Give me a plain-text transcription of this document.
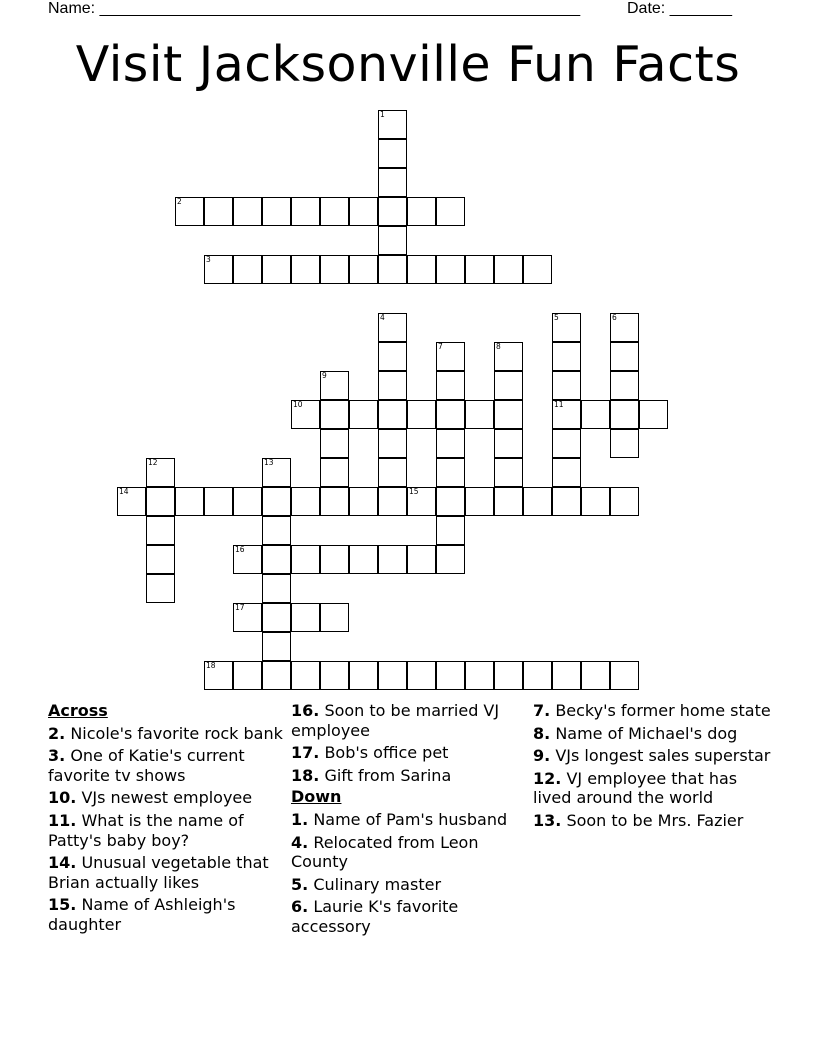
Name: ______________________________________________________	Date: _______
Visit Jacksonville Fun Facts
1
2
3
4	5
11
6
7	8
9
10
12	13
14	15
16
17
18
Across
2. Nicole's favorite rock bank
3. One of Katie's current favorite tv shows
10. VJs newest employee
11. What is the name of Patty's baby boy?
14. Unusual vegetable that Brian actually likes
15. Name of Ashleigh's daughter
16. Soon to be married VJ employee
17. Bob's office pet
18. Gift from Sarina
Down
1. Name of Pam's husband
4. Relocated from Leon County
5. Culinary master
6. Laurie K's favorite accessory
7. Becky's former home state
8. Name of Michael's dog
9. VJs longest sales superstar
12. VJ employee that has lived around the world
13. Soon to be Mrs. Fazier
